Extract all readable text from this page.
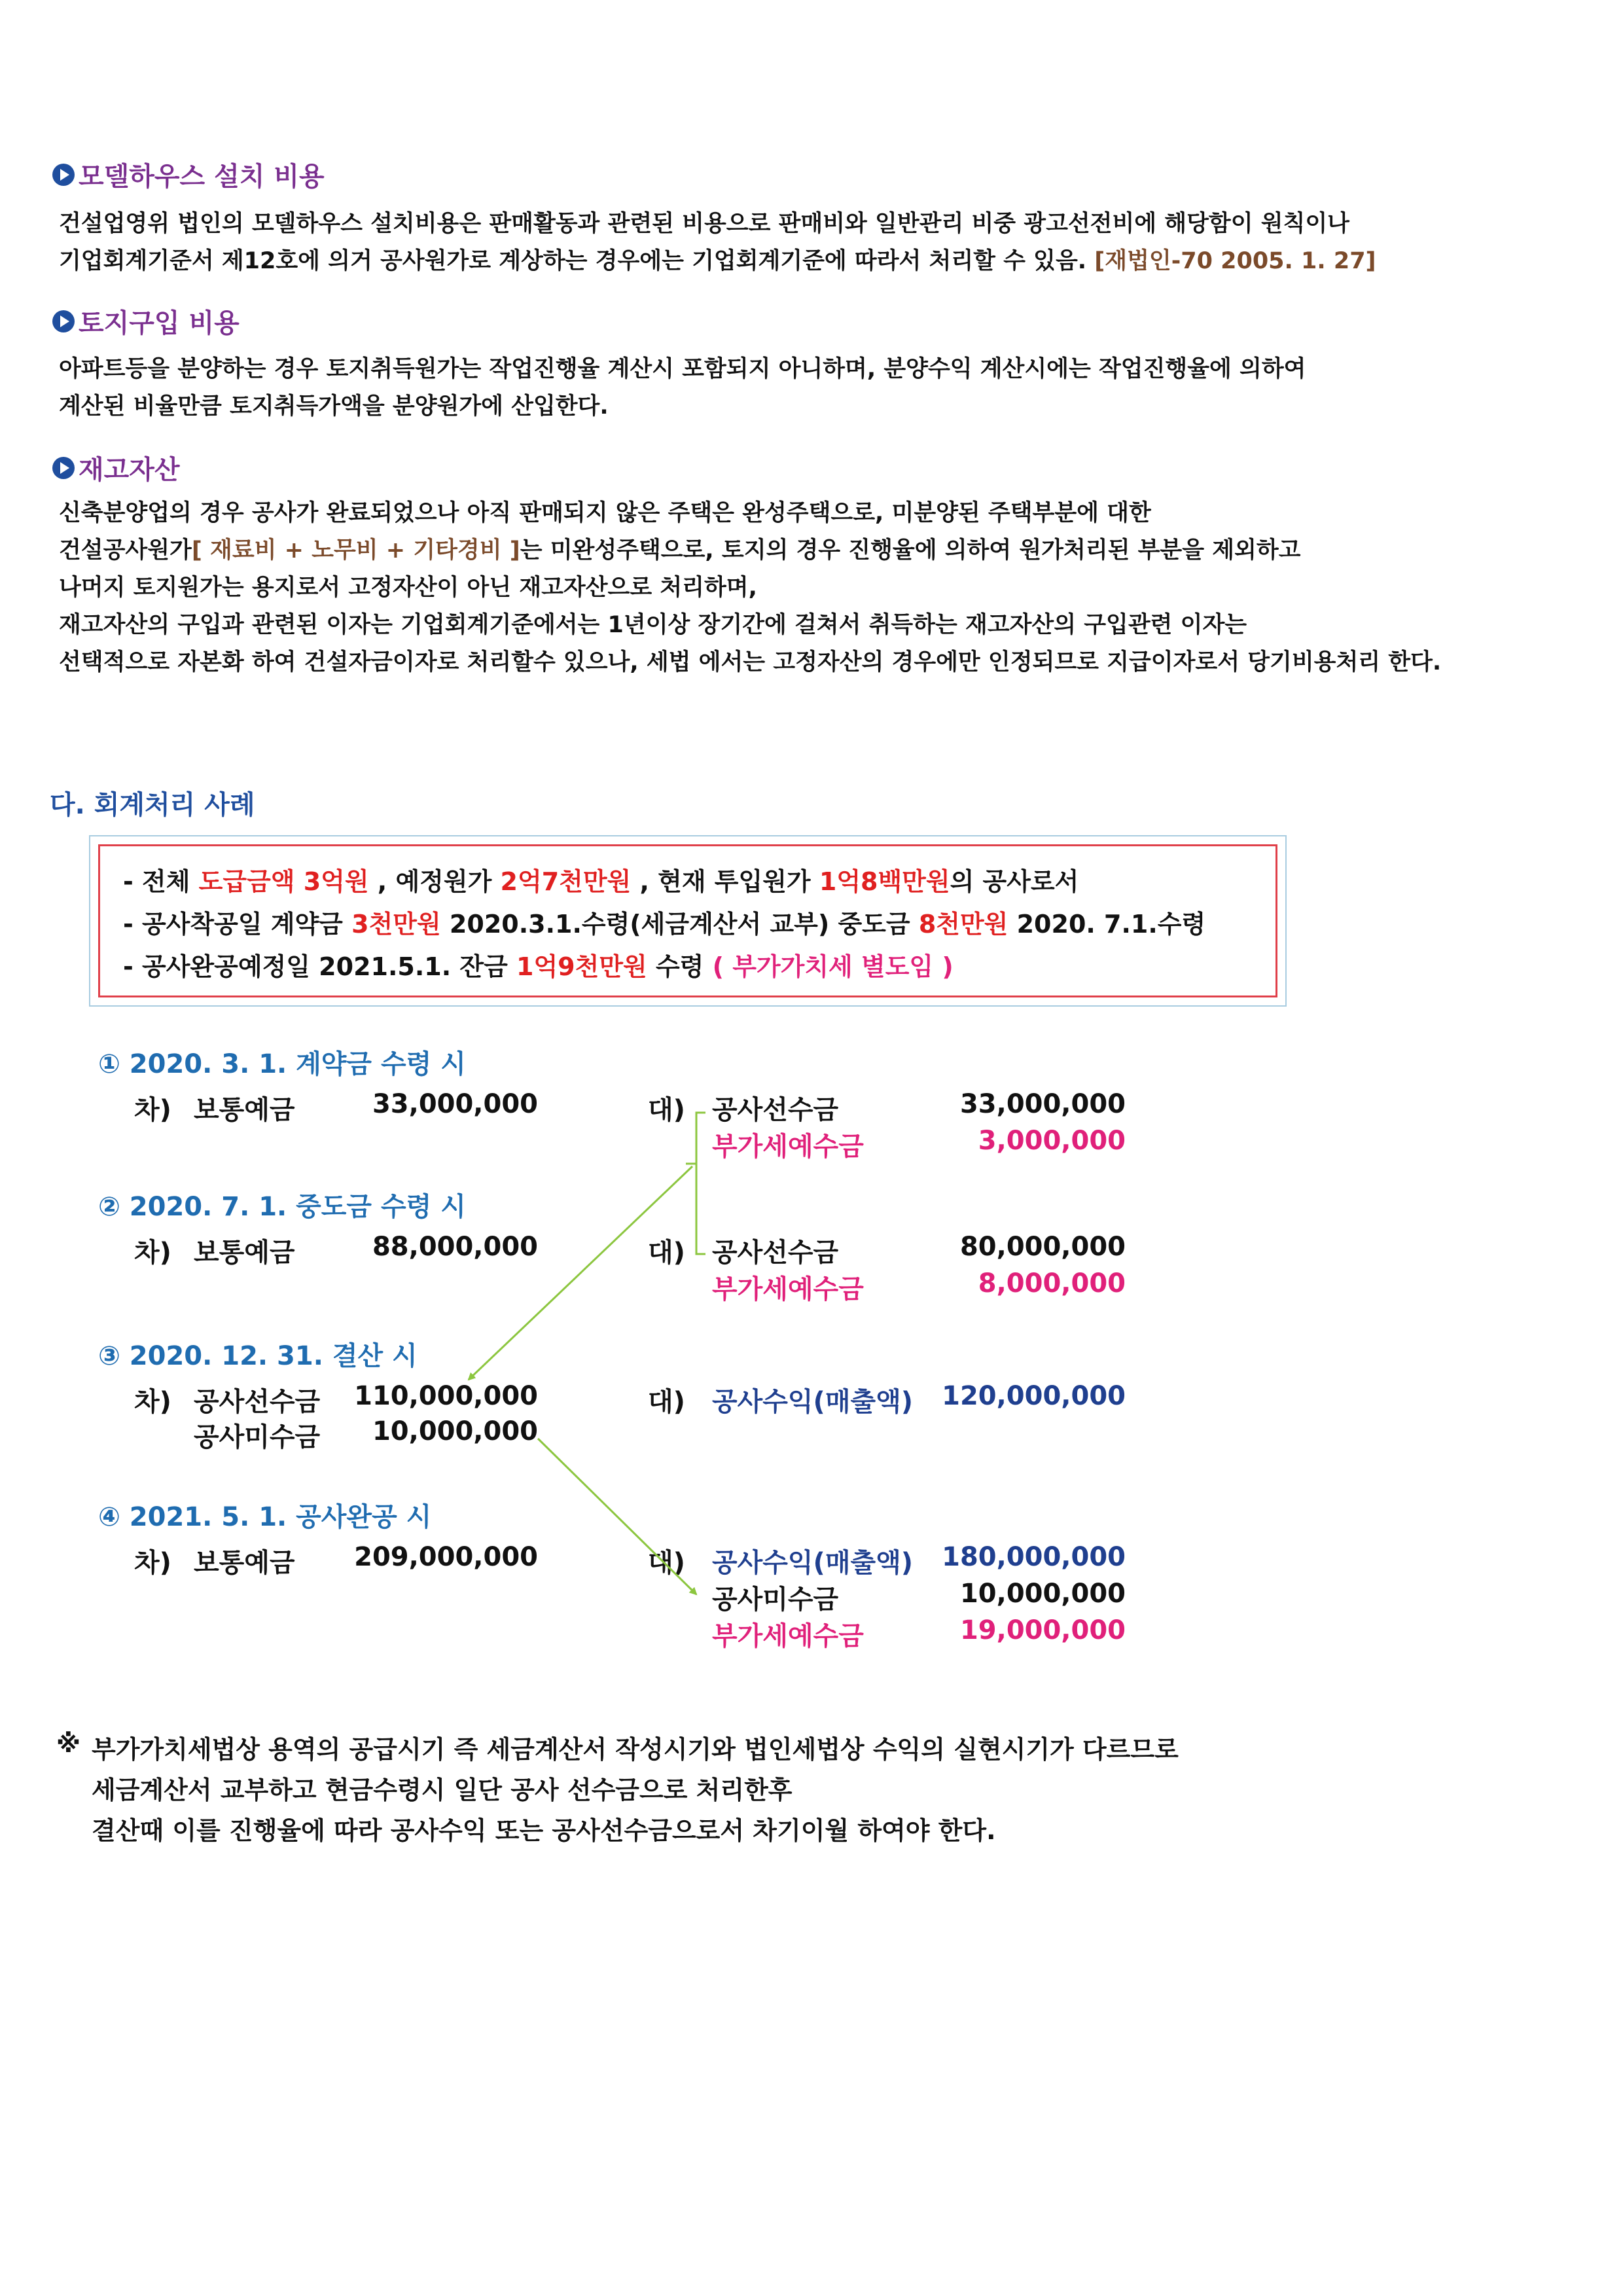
모델하우스 설치 비용
건설업영위 법인의 모델하우스 설치비용은 판매활동과 관련된 비용으로 판매비와 일반관리 비중 광고선전비에 해당함이 원칙이나
기업회계기준서 제12호에 의거 공사원가로 계상하는 경우에는 기업회계기준에 따라서 처리할 수 있음. [재법인-70 2005. 1. 27]
토지구입 비용
아파트등을 분양하는 경우 토지취득원가는 작업진행율 계산시 포함되지 아니하며, 분양수익 계산시에는 작업진행율에 의하여
계산된 비율만큼 토지취득가액을 분양원가에 산입한다.
재고자산
신축분양업의 경우 공사가 완료되었으나 아직 판매되지 않은 주택은 완성주택으로, 미분양된 주택부분에 대한
건설공사원가[ 재료비 + 노무비 + 기타경비 ]는 미완성주택으로, 토지의 경우 진행율에 의하여 원가처리된 부분을 제외하고
나머지 토지원가는 용지로서 고정자산이 아닌 재고자산으로 처리하며,
재고자산의 구입과 관련된 이자는 기업회계기준에서는 1년이상 장기간에 걸쳐서 취득하는 재고자산의 구입관련 이자는
선택적으로 자본화 하여 건설자금이자로 처리할수 있으나, 세법 에서는 고정자산의 경우에만 인정되므로 지급이자로서 당기비용처리 한다.
다. 회계처리 사례
- 전체 도급금액 3억원 , 예정원가 2억7천만원 , 현재 투입원가 1억8백만원의 공사로서
- 공사착공일 계약금 3천만원 2020.3.1.수령(세금계산서 교부) 중도금 8천만원 2020. 7.1.수령
- 공사완공예정일 2021.5.1. 잔금 1억9천만원 수령 ( 부가가치세 별도임 )
① 2020. 3. 1. 계약금 수령 시
차) 보통예금	33,000,000	대) 공사선수금	33,000,000
부가세예수금	3,000,000
② 2020. 7. 1. 중도금 수령 시
차) 보통예금	88,000,000	대) 공사선수금	80,000,000
부가세예수금	8,000,000
③ 2020. 12. 31. 결산 시
차) 공사선수금	110,000,000
공사미수금	10,000,000
대) 공사수익(매출액)	120,000,000
④ 2021. 5. 1. 공사완공 시
차) 보통예금	209,000,000	대) 공사수익(매출액)	180,000,000
공사미수금	10,000,000
부가세예수금	19,000,000
※ 부가가치세법상 용역의 공급시기 즉 세금계산서 작성시기와 법인세법상 수익의 실현시기가 다르므로
세금계산서 교부하고 현금수령시 일단 공사 선수금으로 처리한후
결산때 이를 진행율에 따라 공사수익 또는 공사선수금으로서 차기이월 하여야 한다.
